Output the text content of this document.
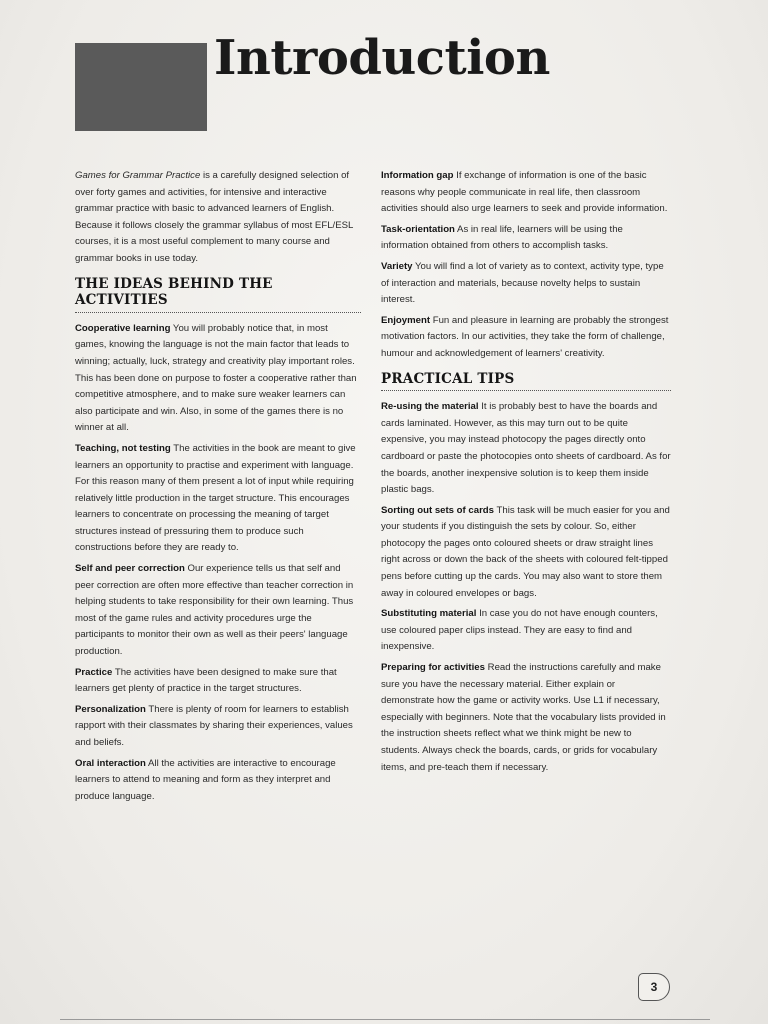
Introduction

Games for Grammar Practice is a carefully designed selection of over forty games and activities, for intensive and interactive grammar practice with basic to advanced learners of English. Because it follows closely the grammar syllabus of most EFL/ESL courses, it is a most useful complement to many course and grammar books in use today.

THE IDEAS BEHIND THE ACTIVITIES

Cooperative learning You will probably notice that, in most games, knowing the language is not the main factor that leads to winning; actually, luck, strategy and creativity play important roles. This has been done on purpose to foster a cooperative rather than competitive atmosphere, and to make sure weaker learners can also participate and win. Also, in some of the games there is no winner at all.

Teaching, not testing The activities in the book are meant to give learners an opportunity to practise and experiment with language. For this reason many of them present a lot of input while requiring relatively little production in the target structure. This encourages learners to concentrate on processing the meaning of target structures instead of pressuring them to produce such constructions before they are ready to.

Self and peer correction Our experience tells us that self and peer correction are often more effective than teacher correction in helping students to take responsibility for their own learning. Thus most of the game rules and activity procedures urge the participants to monitor their own as well as their peers' language production.

Practice The activities have been designed to make sure that learners get plenty of practice in the target structures.

Personalization There is plenty of room for learners to establish rapport with their classmates by sharing their experiences, values and beliefs.

Oral interaction All the activities are interactive to encourage learners to attend to meaning and form as they interpret and produce language.

Information gap If exchange of information is one of the basic reasons why people communicate in real life, then classroom activities should also urge learners to seek and provide information.

Task-orientation As in real life, learners will be using the information obtained from others to accomplish tasks.

Variety You will find a lot of variety as to context, activity type, type of interaction and materials, because novelty helps to sustain interest.

Enjoyment Fun and pleasure in learning are probably the strongest motivation factors. In our activities, they take the form of challenge, humour and acknowledgement of learners' creativity.

PRACTICAL TIPS

Re-using the material It is probably best to have the boards and cards laminated. However, as this may turn out to be quite expensive, you may instead photocopy the pages directly onto cardboard or paste the photocopies onto sheets of cardboard. As for the boards, another inexpensive solution is to keep them inside plastic bags.

Sorting out sets of cards This task will be much easier for you and your students if you distinguish the sets by colour. So, either photocopy the pages onto coloured sheets or draw straight lines right across or down the back of the sheets with coloured felt-tipped pens before cutting up the cards. You may also want to store them away in coloured envelopes or bags.

Substituting material In case you do not have enough counters, use coloured paper clips instead. They are easy to find and inexpensive.

Preparing for activities Read the instructions carefully and make sure you have the necessary material. Either explain or demonstrate how the game or activity works. Use L1 if necessary, especially with beginners. Note that the vocabulary lists provided in the instruction sheets reflect what we think might be new to students. Always check the boards, cards, or grids for vocabulary items, and pre-teach them if necessary.

3
